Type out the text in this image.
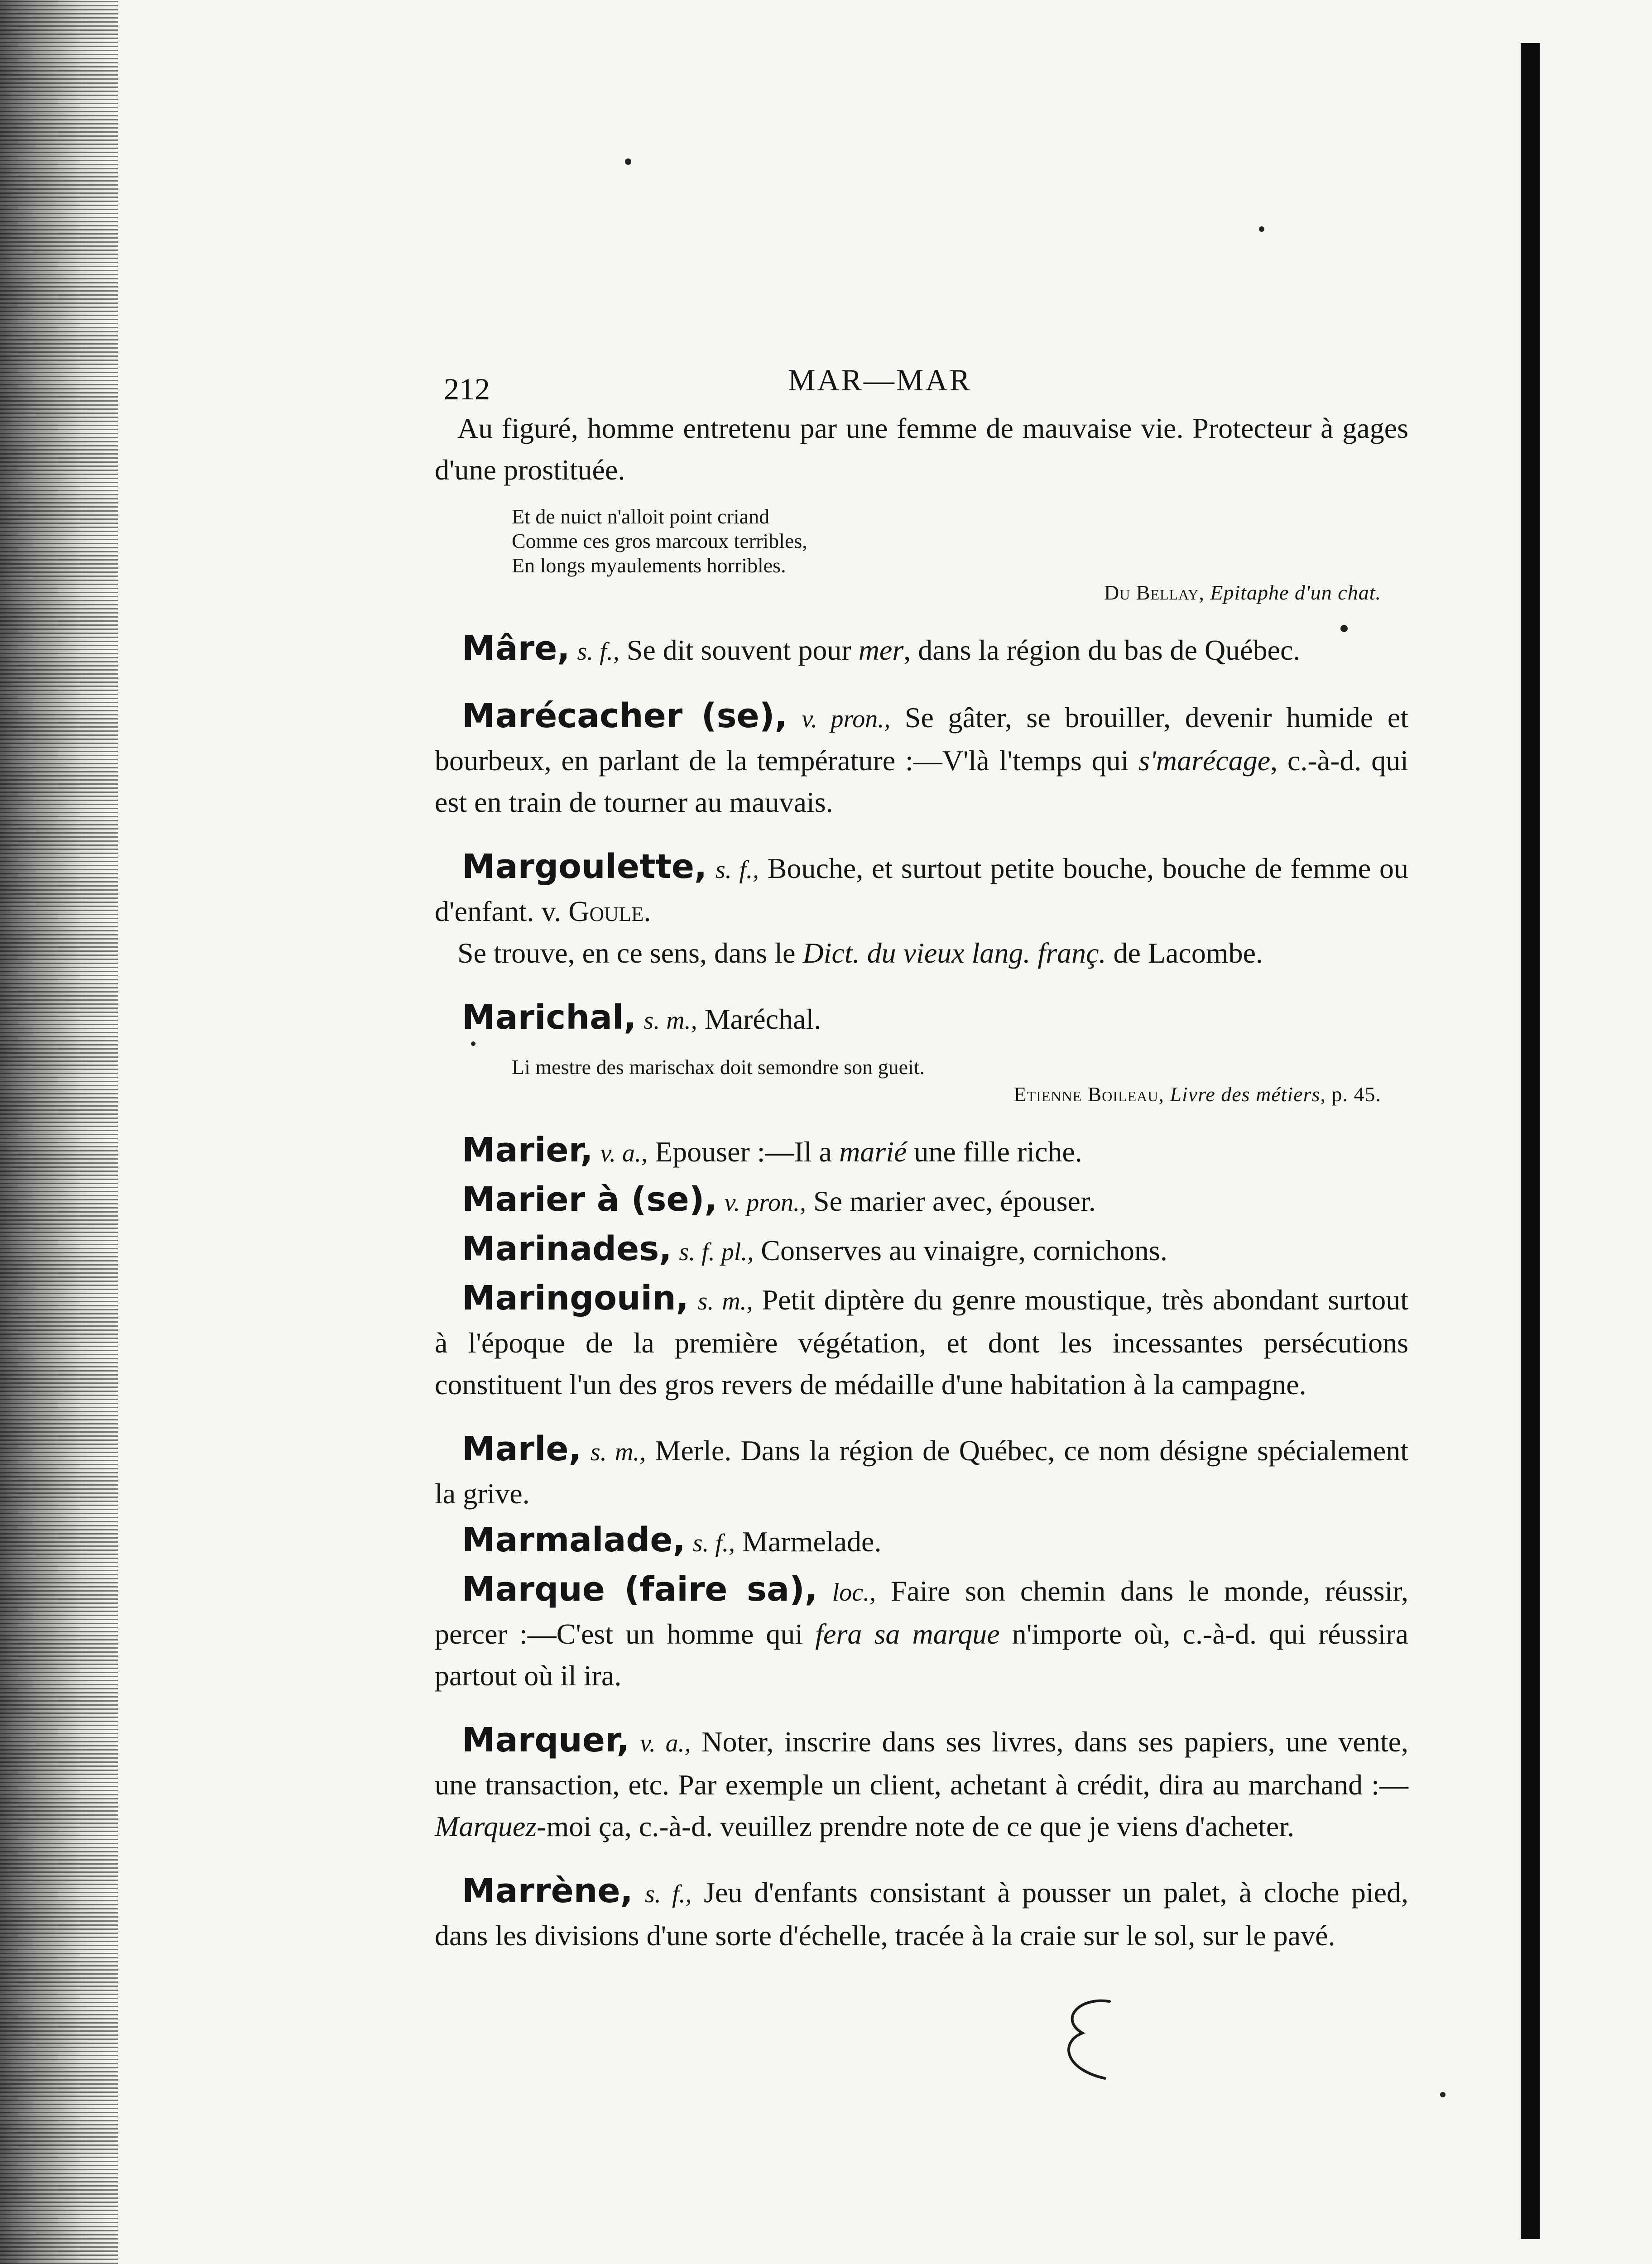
212	MAR—MAR

Au figuré, homme entretenu par une femme de mauvaise vie. Protecteur à gages d'une prostituée.

Et de nuict n'alloit point criand
Comme ces gros marcoux terribles,
En longs myaulements horribles.
Du Bellay, Epitaphe d'un chat.

Mâre, s. f., Se dit souvent pour mer, dans la région du bas de Québec.

Marécacher (se), v. pron., Se gâter, se brouiller, devenir humide et bourbeux, en parlant de la température :—V'là l'temps qui s'marécage, c.-à-d. qui est en train de tourner au mauvais.

Margoulette, s. f., Bouche, et surtout petite bouche, bouche de femme ou d'enfant. v. Goule.

Se trouve, en ce sens, dans le Dict. du vieux lang. franç. de Lacombe.

Marichal, s. m., Maréchal.

Li mestre des marischax doit semondre son gueit.
Etienne Boileau, Livre des métiers, p. 45.

Marier, v. a., Epouser :—Il a marié une fille riche.

Marier à (se), v. pron., Se marier avec, épouser.

Marinades, s. f. pl., Conserves au vinaigre, cornichons.

Maringouin, s. m., Petit diptère du genre moustique, très abondant surtout à l'époque de la première végétation, et dont les incessantes persécutions constituent l'un des gros revers de médaille d'une habitation à la campagne.

Marle, s. m., Merle. Dans la région de Québec, ce nom désigne spécialement la grive.

Marmalade, s. f., Marmelade.

Marque (faire sa), loc., Faire son chemin dans le monde, réussir, percer :—C'est un homme qui fera sa marque n'importe où, c.-à-d. qui réussira partout où il ira.

Marquer, v. a., Noter, inscrire dans ses livres, dans ses papiers, une vente, une transaction, etc. Par exemple un client, achetant à crédit, dira au marchand :—Marquez-moi ça, c.-à-d. veuillez prendre note de ce que je viens d'acheter.

Marrène, s. f., Jeu d'enfants consistant à pousser un palet, à cloche pied, dans les divisions d'une sorte d'échelle, tracée à la craie sur le sol, sur le pavé.
